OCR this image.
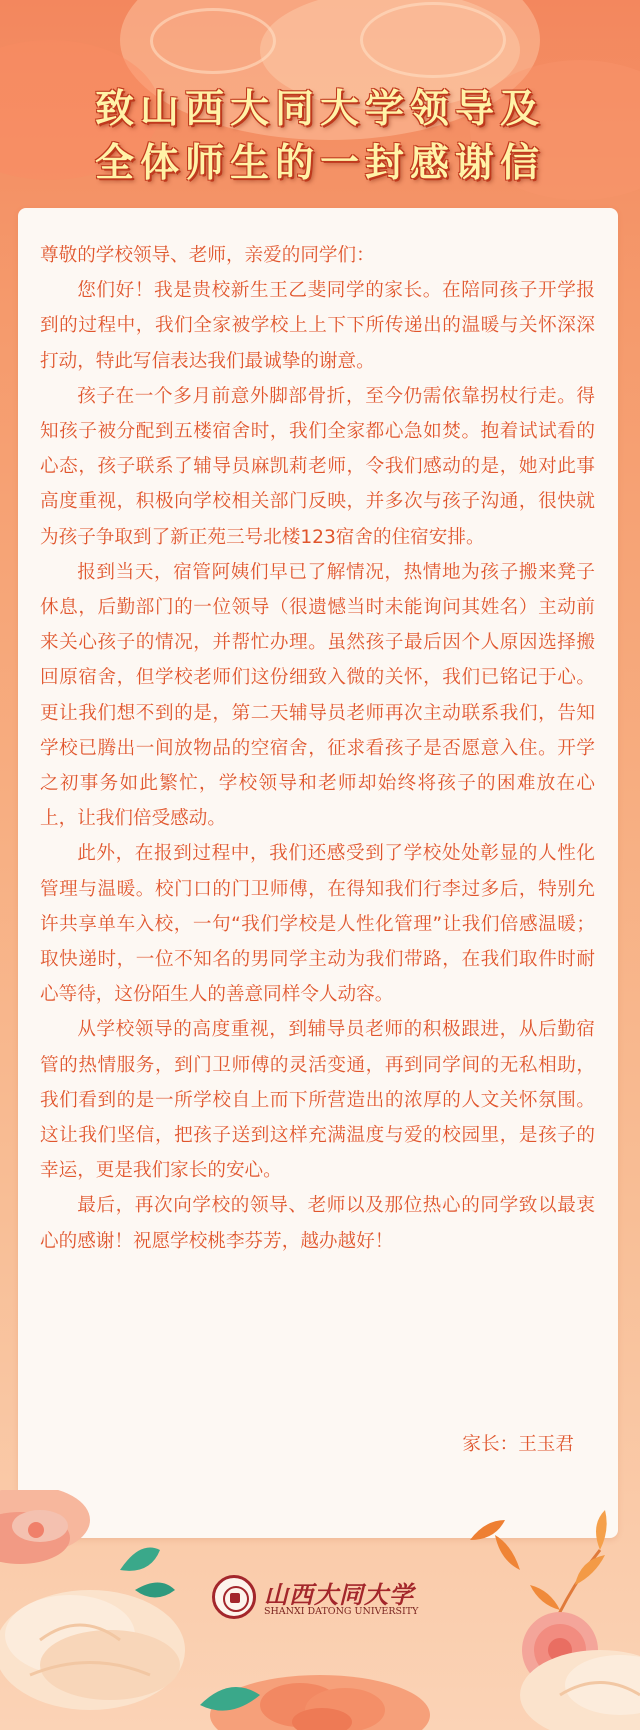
致山西大同大学领导及
全体师生的一封感谢信

尊敬的学校领导、老师，亲爱的同学们：

您们好！我是贵校新生王乙斐同学的家长。在陪同孩子开学报到的过程中，我们全家被学校上上下下所传递出的温暖与关怀深深打动，特此写信表达我们最诚挚的谢意。

孩子在一个多月前意外脚部骨折，至今仍需依靠拐杖行走。得知孩子被分配到五楼宿舍时，我们全家都心急如焚。抱着试试看的心态，孩子联系了辅导员麻凯莉老师，令我们感动的是，她对此事高度重视，积极向学校相关部门反映，并多次与孩子沟通，很快就为孩子争取到了新正苑三号北楼123宿舍的住宿安排。

报到当天，宿管阿姨们早已了解情况，热情地为孩子搬来凳子休息，后勤部门的一位领导（很遗憾当时未能询问其姓名）主动前来关心孩子的情况，并帮忙办理。虽然孩子最后因个人原因选择搬回原宿舍，但学校老师们这份细致入微的关怀，我们已铭记于心。更让我们想不到的是，第二天辅导员老师再次主动联系我们，告知学校已腾出一间放物品的空宿舍，征求看孩子是否愿意入住。开学之初事务如此繁忙，学校领导和老师却始终将孩子的困难放在心上，让我们倍受感动。

此外，在报到过程中，我们还感受到了学校处处彰显的人性化管理与温暖。校门口的门卫师傅，在得知我们行李过多后，特别允许共享单车入校，一句“我们学校是人性化管理”让我们倍感温暖；取快递时，一位不知名的男同学主动为我们带路，在我们取件时耐心等待，这份陌生人的善意同样令人动容。

从学校领导的高度重视，到辅导员老师的积极跟进，从后勤宿管的热情服务，到门卫师傅的灵活变通，再到同学间的无私相助，我们看到的是一所学校自上而下所营造出的浓厚的人文关怀氛围。这让我们坚信，把孩子送到这样充满温度与爱的校园里，是孩子的幸运，更是我们家长的安心。

最后，再次向学校的领导、老师以及那位热心的同学致以最衷心的感谢！祝愿学校桃李芬芳，越办越好！

家长：王玉君
山西大同大学
SHANXI DATONG UNIVERSITY
